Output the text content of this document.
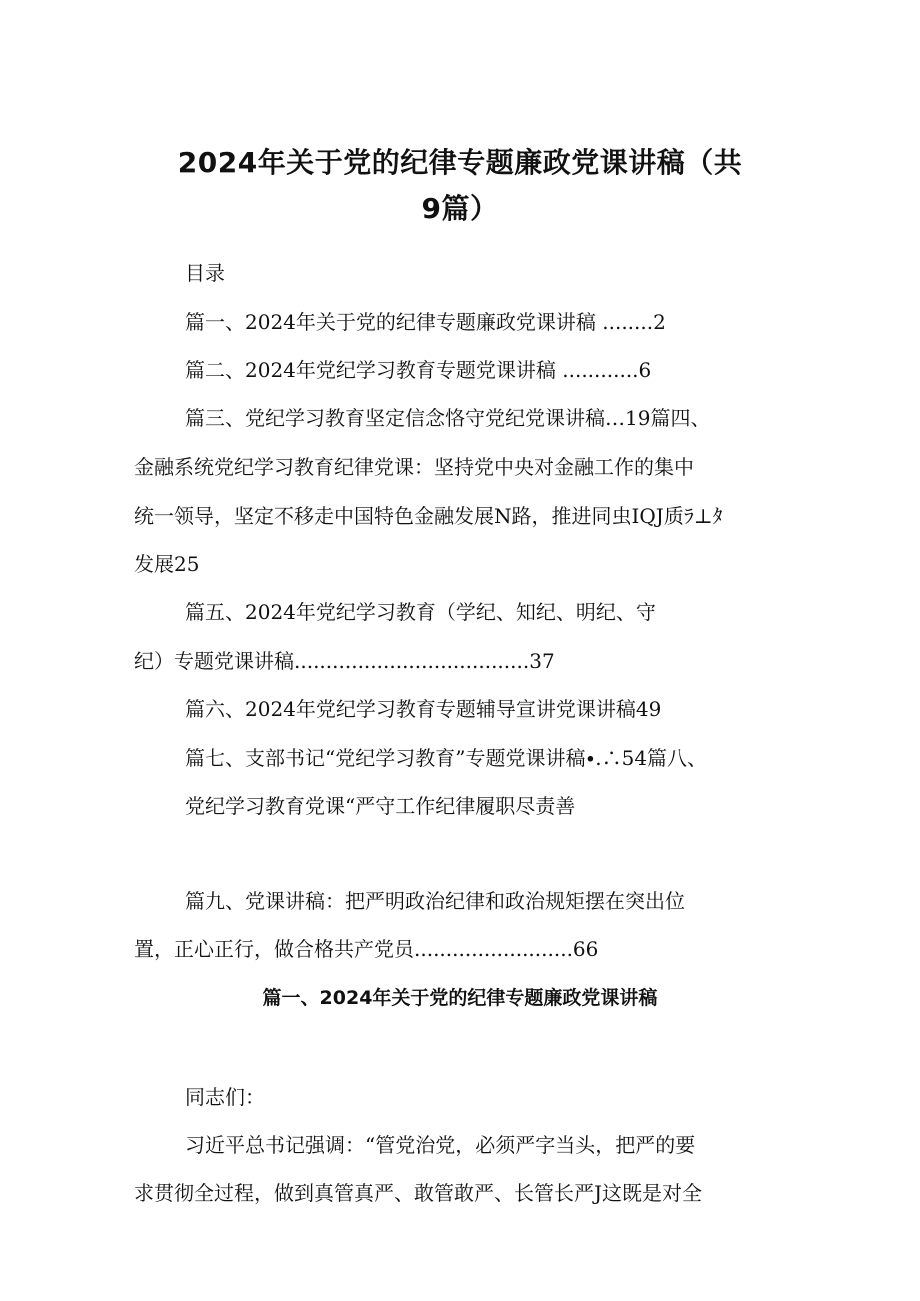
2024年关于党的纪律专题廉政党课讲稿（共
9篇）

目录

篇一、2024年关于党的纪律专题廉政党课讲稿 ........2

篇二、2024年党纪学习教育专题党课讲稿 ............6

篇三、党纪学习教育坚定信念恪守党纪党课讲稿…19篇四、

金融系统党纪学习教育纪律党课：坚持党中央对金融工作的集中

统一领导，坚定不移走中国特色金融发展N路，推进同虫IQJ质ﾗ⊥ﾀ

发展25

篇五、2024年党纪学习教育（学纪、知纪、明纪、守

纪）专题党课讲稿.....................................37

篇六、2024年党纪学习教育专题辅导宣讲党课讲稿49

篇七、支部书记“党纪学习教育”专题党课讲稿∙.∴54篇八、

党纪学习教育党课“严守工作纪律履职尽责善

篇九、党课讲稿：把严明政治纪律和政治规矩摆在突出位

置，正心正行，做合格共产党员.........................66

篇一、2024年关于党的纪律专题廉政党课讲稿

同志们：

习近平总书记强调：“管党治党，必须严字当头，把严的要

求贯彻全过程，做到真管真严、敢管敢严、长管长严J这既是对全
